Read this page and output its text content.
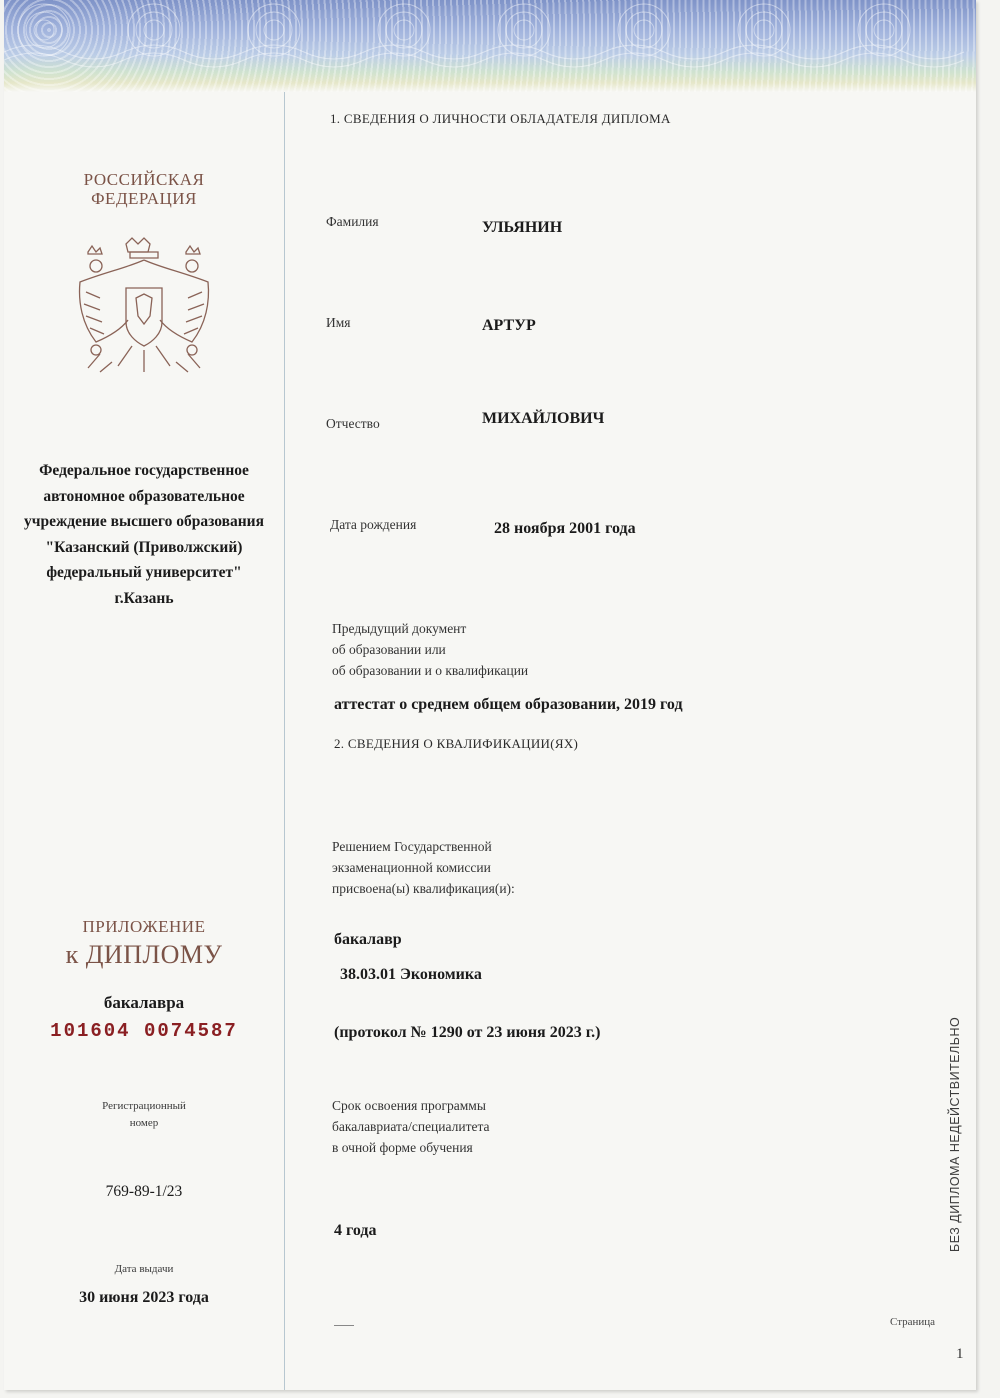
РОССИЙСКАЯ
ФЕДЕРАЦИЯ
Федеральное государственное
автономное образовательное
учреждение высшего образования
"Казанский (Приволжский)
федеральный университет"
г.Казань
ПРИЛОЖЕНИЕ
к ДИПЛОМУ
бакалавра
101604 0074587
Регистрационный
номер
769-89-1/23
Дата выдачи
30 июня 2023 года
1. СВЕДЕНИЯ О ЛИЧНОСТИ ОБЛАДАТЕЛЯ ДИПЛОМА
Фамилия	УЛЬЯНИН
Имя	АРТУР
Отчество	МИХАЙЛОВИЧ
Дата рождения	28 ноября 2001 года
Предыдущий документ
об образовании или
об образовании и о квалификации
аттестат о среднем общем образовании, 2019 год
2. СВЕДЕНИЯ О КВАЛИФИКАЦИИ(ЯХ)
Решением Государственной
экзаменационной комиссии
присвоена(ы) квалификация(и):
бакалавр
38.03.01 Экономика
(протокол № 1290 от 23 июня 2023 г.)
Срок освоения программы
бакалавриата/специалитета
в очной форме обучения
4 года	БЕЗ ДИПЛОМА НЕДЕЙСТВИТЕЛЬНО
Страница
1
